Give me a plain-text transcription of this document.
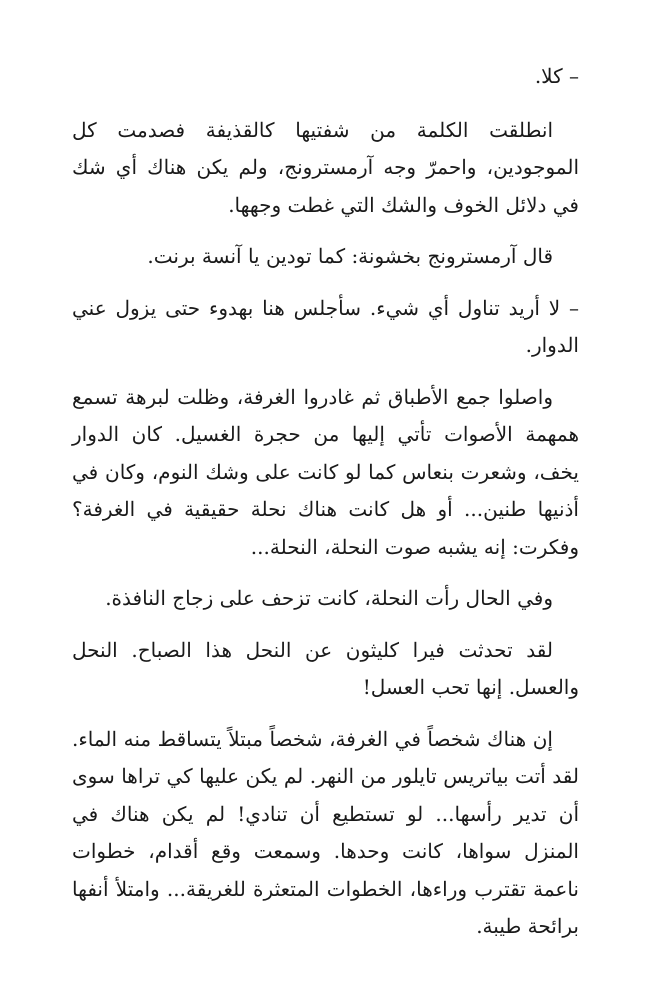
– كلا.

انطلقت الكلمة من شفتيها كالقذيفة فصدمت كل الموجودين، واحمرّ وجه آرمسترونج، ولم يكن هناك أي شك في دلائل الخوف والشك التي غطت وجهها.

قال آرمسترونج بخشونة: كما تودين يا آنسة برنت.

– لا أريد تناول أي شيء. سأجلس هنا بهدوء حتى يزول عني الدوار.

واصلوا جمع الأطباق ثم غادروا الغرفة، وظلت لبرهة تسمع همهمة الأصوات تأتي إليها من حجرة الغسيل. كان الدوار يخف، وشعرت بنعاس كما لو كانت على وشك النوم، وكان في أذنيها طنين... أو هل كانت هناك نحلة حقيقية في الغرفة؟ وفكرت: إنه يشبه صوت النحلة، النحلة...

وفي الحال رأت النحلة، كانت تزحف على زجاج النافذة.

لقد تحدثت فيرا كليثون عن النحل هذا الصباح. النحل والعسل. إنها تحب العسل!

إن هناك شخصاً في الغرفة، شخصاً مبتلاً يتساقط منه الماء. لقد أتت بياتريس تايلور من النهر. لم يكن عليها كي تراها سوى أن تدير رأسها... لو تستطيع أن تنادي! لم يكن هناك في المنزل سواها، كانت وحدها. وسمعت وقع أقدام، خطوات ناعمة تقترب وراءها، الخطوات المتعثرة للغريقة... وامتلأ أنفها برائحة طيبة.
